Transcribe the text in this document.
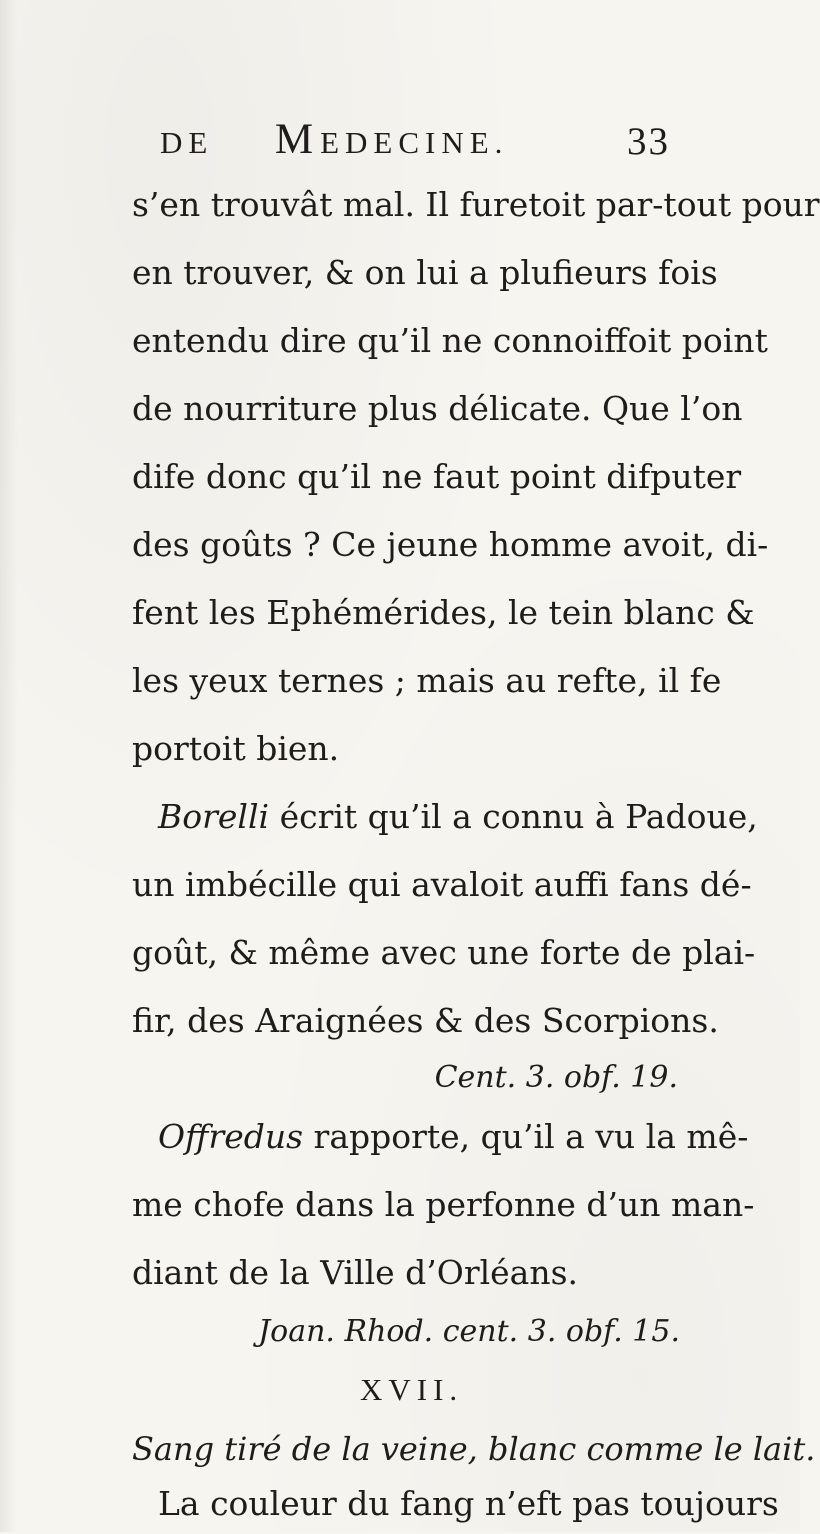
DE MEDECINE.	33
s’en trouvât mal. Il furetoit par-tout pour
en trouver, & on lui a plufieurs fois
entendu dire qu’il ne connoiffoit point
de nourriture plus délicate. Que l’on
dife donc qu’il ne faut point difputer
des goûts ? Ce jeune homme avoit, di-
fent les Ephémérides, le tein blanc &
les yeux ternes ; mais au refte, il fe
portoit bien.
Borelli écrit qu’il a connu à Padoue,
un imbécille qui avaloit auffi fans dé-
goût, & même avec une forte de plai-
fir, des Araignées & des Scorpions.
Cent. 3. obf. 19.
Offredus rapporte, qu’il a vu la mê-
me chofe dans la perfonne d’un man-
diant de la Ville d’Orléans.
Joan. Rhod. cent. 3. obf. 15.
XVII.
Sang tiré de la veine, blanc comme le lait.
La couleur du fang n’eft pas toujours
